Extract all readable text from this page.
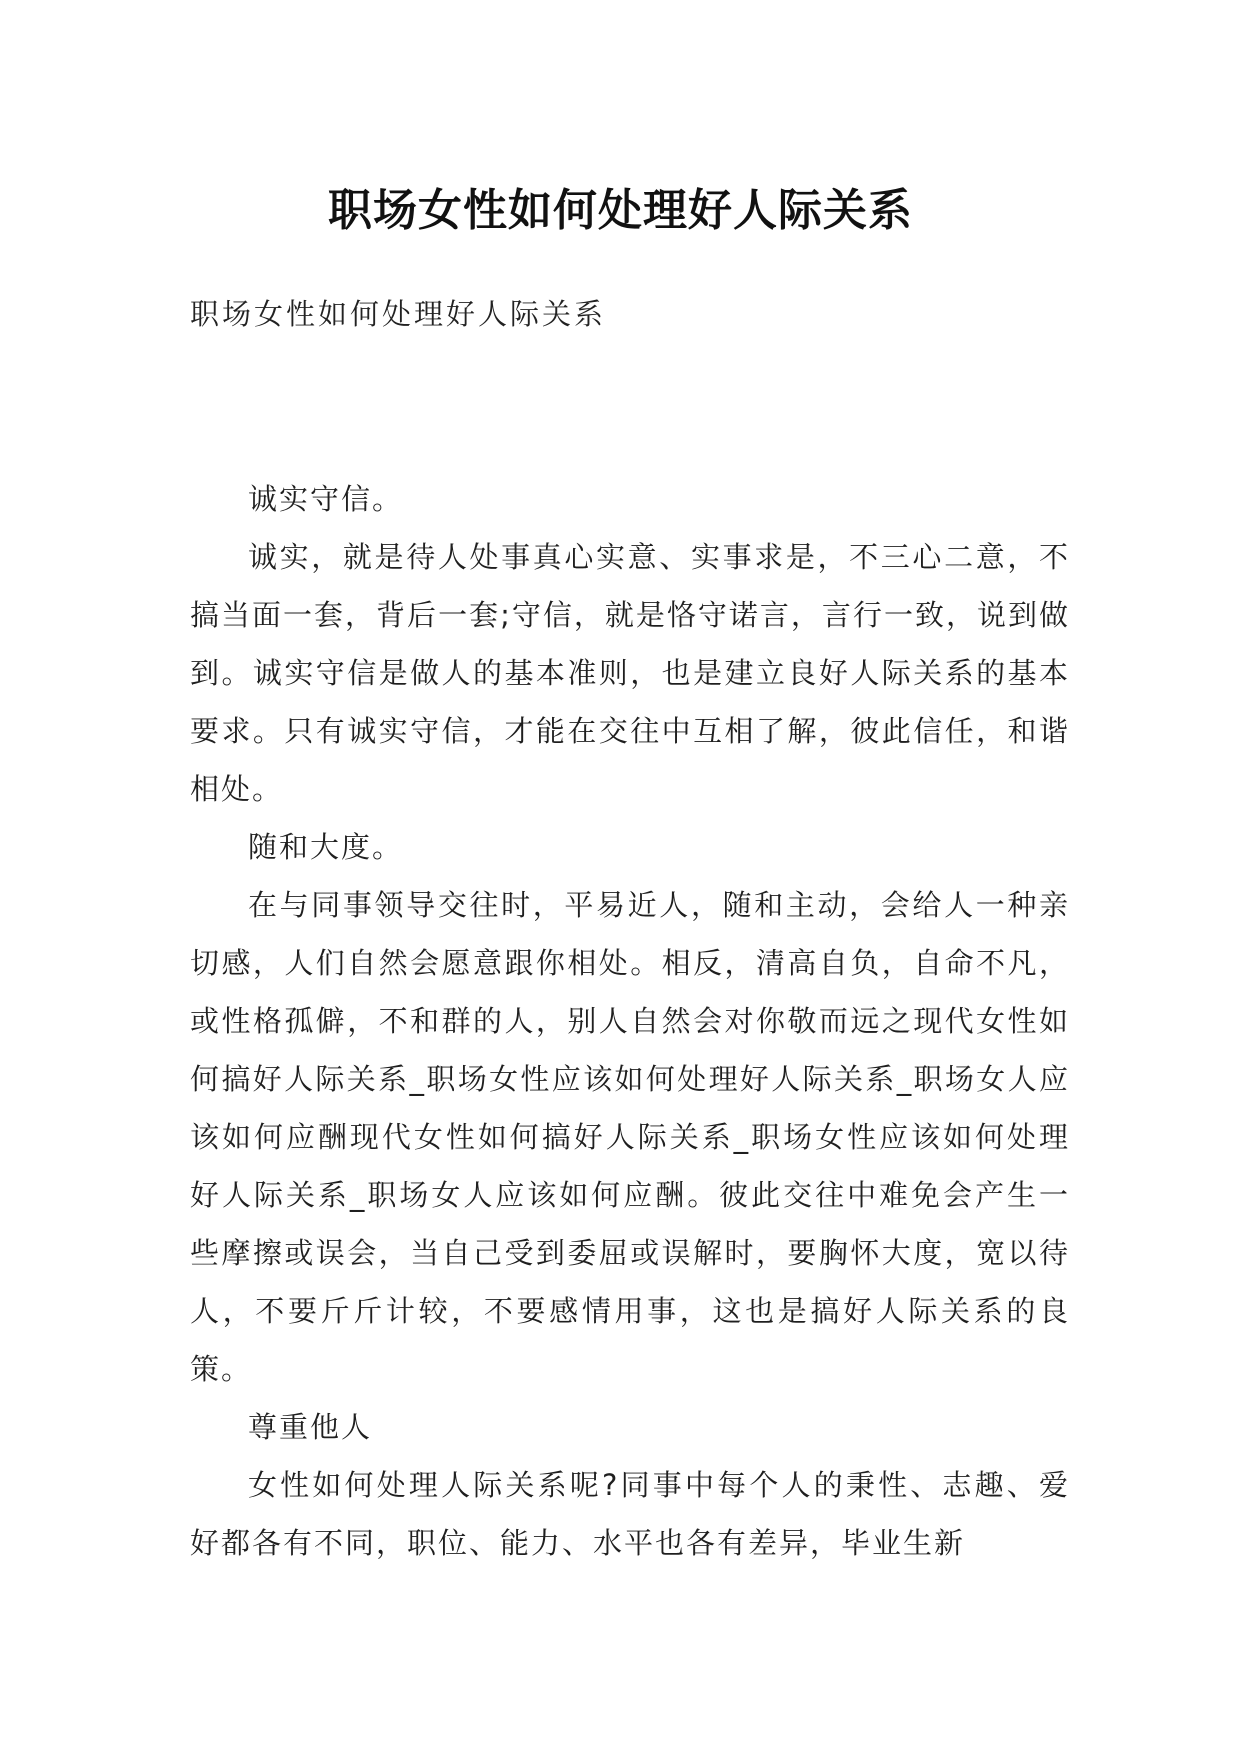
职场女性如何处理好人际关系
职场女性如何处理好人际关系

诚实守信。

诚实，就是待人处事真心实意、实事求是，不三心二意，不搞当面一套，背后一套;守信，就是恪守诺言，言行一致，说到做到。诚实守信是做人的基本准则，也是建立良好人际关系的基本要求。只有诚实守信，才能在交往中互相了解，彼此信任，和谐相处。

随和大度。

在与同事领导交往时，平易近人，随和主动，会给人一种亲切感，人们自然会愿意跟你相处。相反，清高自负，自命不凡，或性格孤僻，不和群的人，别人自然会对你敬而远之现代女性如何搞好人际关系_职场女性应该如何处理好人际关系_职场女人应该如何应酬现代女性如何搞好人际关系_职场女性应该如何处理好人际关系_职场女人应该如何应酬。彼此交往中难免会产生一些摩擦或误会，当自己受到委屈或误解时，要胸怀大度，宽以待人，不要斤斤计较，不要感情用事，这也是搞好人际关系的良策。

尊重他人

女性如何处理人际关系呢?同事中每个人的秉性、志趣、爱好都各有不同，职位、能力、水平也各有差异，毕业生新
